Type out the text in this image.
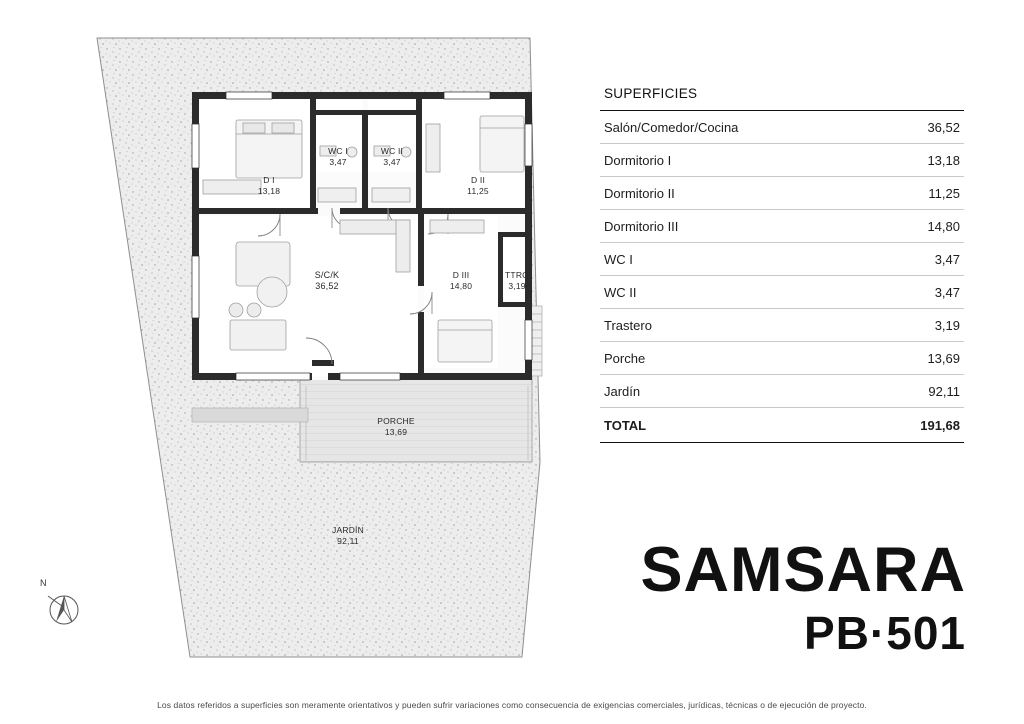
WC I
3,47
WC II
3,47
D I
13,18
D II
11,25
S/C/K
36,52
D III
14,80
TTRO
3,19
PORCHE
13,69
JARDÍN
92,11
N
SUPERFICIES
Salón/Comedor/Cocina	36,52
Dormitorio I	13,18
Dormitorio II	11,25
Dormitorio III	14,80
WC I	3,47
WC II	3,47
Trastero	3,19
Porche	13,69
Jardín	92,11
TOTAL	191,68
SAMSARA
PB·501
Los datos referidos a superficies son meramente orientativos y pueden sufrir variaciones como consecuencia de exigencias comerciales, jurídicas, técnicas o de ejecución de proyecto.
